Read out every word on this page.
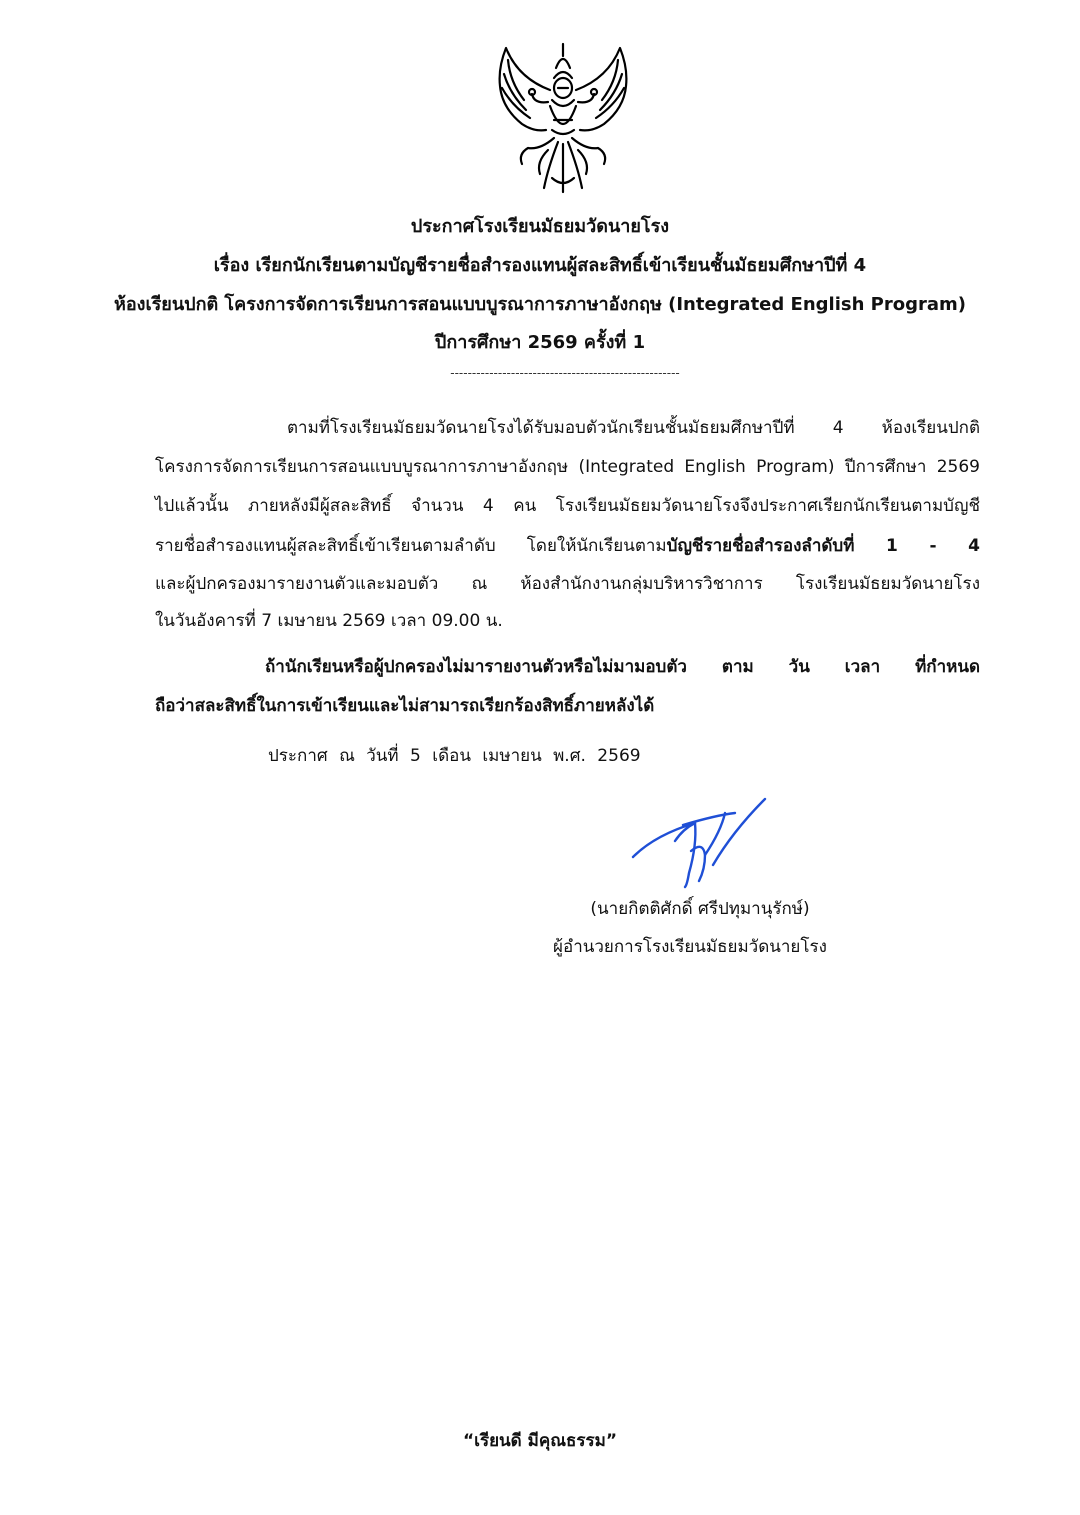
ประกาศโรงเรียนมัธยมวัดนายโรง
เรื่อง เรียกนักเรียนตามบัญชีรายชื่อสำรองแทนผู้สละสิทธิ์เข้าเรียนชั้นมัธยมศึกษาปีที่ 4
ห้องเรียนปกติ โครงการจัดการเรียนการสอนแบบบูรณาการภาษาอังกฤษ (Integrated English Program)
ปีการศึกษา 2569 ครั้งที่ 1
-----------------------------------------------------
ตามที่โรงเรียนมัธยมวัดนายโรงได้รับมอบตัวนักเรียนชั้นมัธยมศึกษาปีที่ 4 ห้องเรียนปกติ
โครงการจัดการเรียนการสอนแบบบูรณาการภาษาอังกฤษ (Integrated English Program) ปีการศึกษา 2569
ไปแล้วนั้น ภายหลังมีผู้สละสิทธิ์ จำนวน 4 คน โรงเรียนมัธยมวัดนายโรงจึงประกาศเรียกนักเรียนตามบัญชี
รายชื่อสำรองแทนผู้สละสิทธิ์เข้าเรียนตามลำดับ โดยให้นักเรียนตามบัญชีรายชื่อสำรองลำดับที่ 1 - 4
และผู้ปกครองมารายงานตัวและมอบตัว ณ ห้องสำนักงานกลุ่มบริหารวิชาการ โรงเรียนมัธยมวัดนายโรง
ในวันอังคารที่ 7 เมษายน 2569 เวลา 09.00 น.
ถ้านักเรียนหรือผู้ปกครองไม่มารายงานตัวหรือไม่มามอบตัว ตาม วัน เวลา ที่กำหนด
ถือว่าสละสิทธิ์ในการเข้าเรียนและไม่สามารถเรียกร้องสิทธิ์ภายหลังได้
ประกาศ ณ วันที่ 5 เดือน เมษายน พ.ศ. 2569
(นายกิตติศักดิ์ ศรีปทุมานุรักษ์)
ผู้อำนวยการโรงเรียนมัธยมวัดนายโรง
“เรียนดี มีคุณธรรม”
